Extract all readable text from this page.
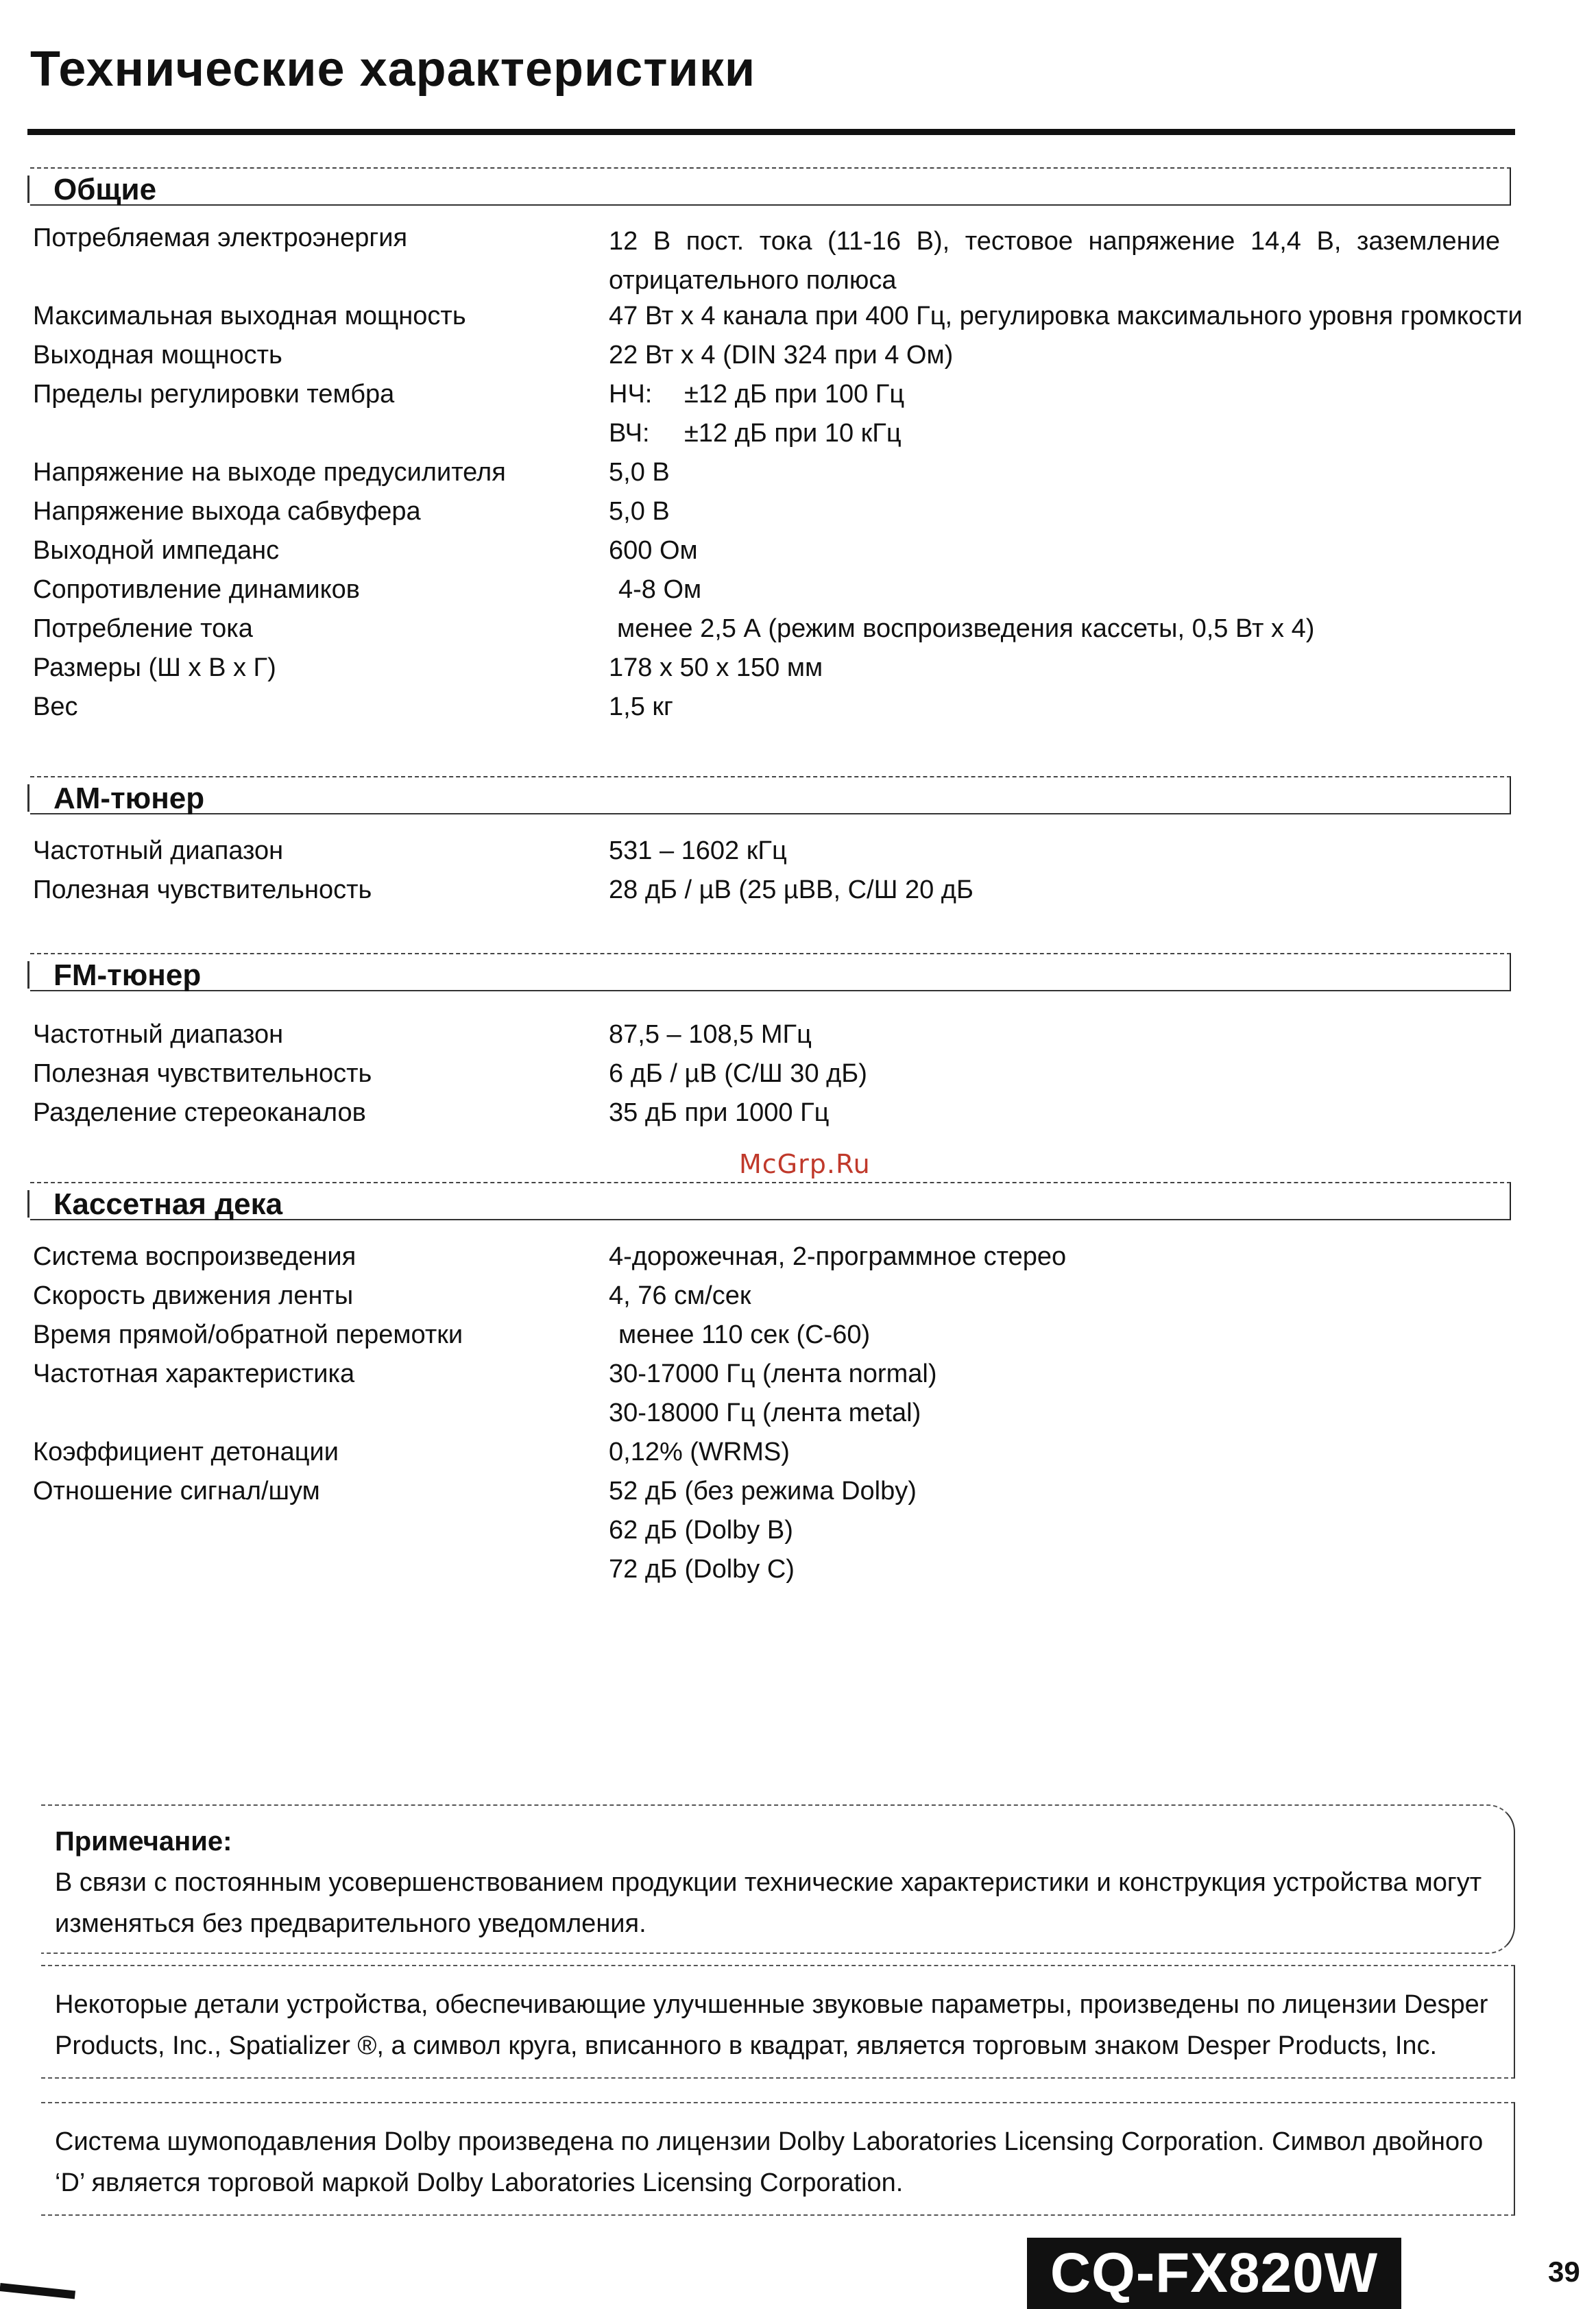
Технические характеристики
Общие
Потребляемая электроэнергия	12 В пост. тока (11-16 В), тестовое напряжение 14,4 В, заземление отрицательного полюса
Максимальная выходная мощность	47 Вт х 4 канала при 400 Гц, регулировка максимального уровня громкости
Выходная мощность	22 Вт х 4 (DIN 324 при 4 Ом)
Пределы регулировки тембра	НЧ: ±12 дБ при 100 Гц
ВЧ: ±12 дБ при 10 кГц
Напряжение на выходе предусилителя	5,0 В
Напряжение выхода сабвуфера	5,0 В
Выходной импеданс	600 Ом
Сопротивление динамиков	4-8 Ом
Потребление тока	менее 2,5 А (режим воспроизведения кассеты, 0,5 Вт х 4)
Размеры (Ш х В х Г)	178 х 50 х 150 мм
Вес	1,5 кг
АМ-тюнер
Частотный диапазон	531 – 1602 кГц
Полезная чувствительность	28 дБ / µВ (25 µВВ, С/Ш 20 дБ
FM-тюнер
Частотный диапазон	87,5 – 108,5 МГц
Полезная чувствительность	6 дБ / µВ (С/Ш 30 дБ)
Разделение стереоканалов	35 дБ при 1000 Гц
McGrp.Ru
Кассетная дека
Система воспроизведения	4-дорожечная, 2-программное стерео
Скорость движения ленты	4, 76 см/сек
Время прямой/обратной перемотки	менее 110 сек (С-60)
Частотная характеристика	30-17000 Гц (лента normal)
30-18000 Гц (лента metal)
Коэффициент детонации	0,12% (WRMS)
Отношение сигнал/шум	52 дБ (без режима Dolby)
62 дБ (Dolby B)
72 дБ (Dolby C)
Примечание:
В связи с постоянным усовершенствованием продукции технические характеристики и конструкция устройства могут изменяться без предварительного уведомления.
Некоторые детали устройства, обеспечивающие улучшенные звуковые параметры, произведены по лицензии Desper Products, Inc., Spatializer ®, а символ круга, вписанного в квадрат, является торговым знаком Desper Products, Inc.
Система шумоподавления Dolby произведена по лицензии Dolby Laboratories Licensing Corporation. Символ двойного ‘D’ является торговой маркой Dolby Laboratories Licensing Corporation.
CQ-FX820W	39
